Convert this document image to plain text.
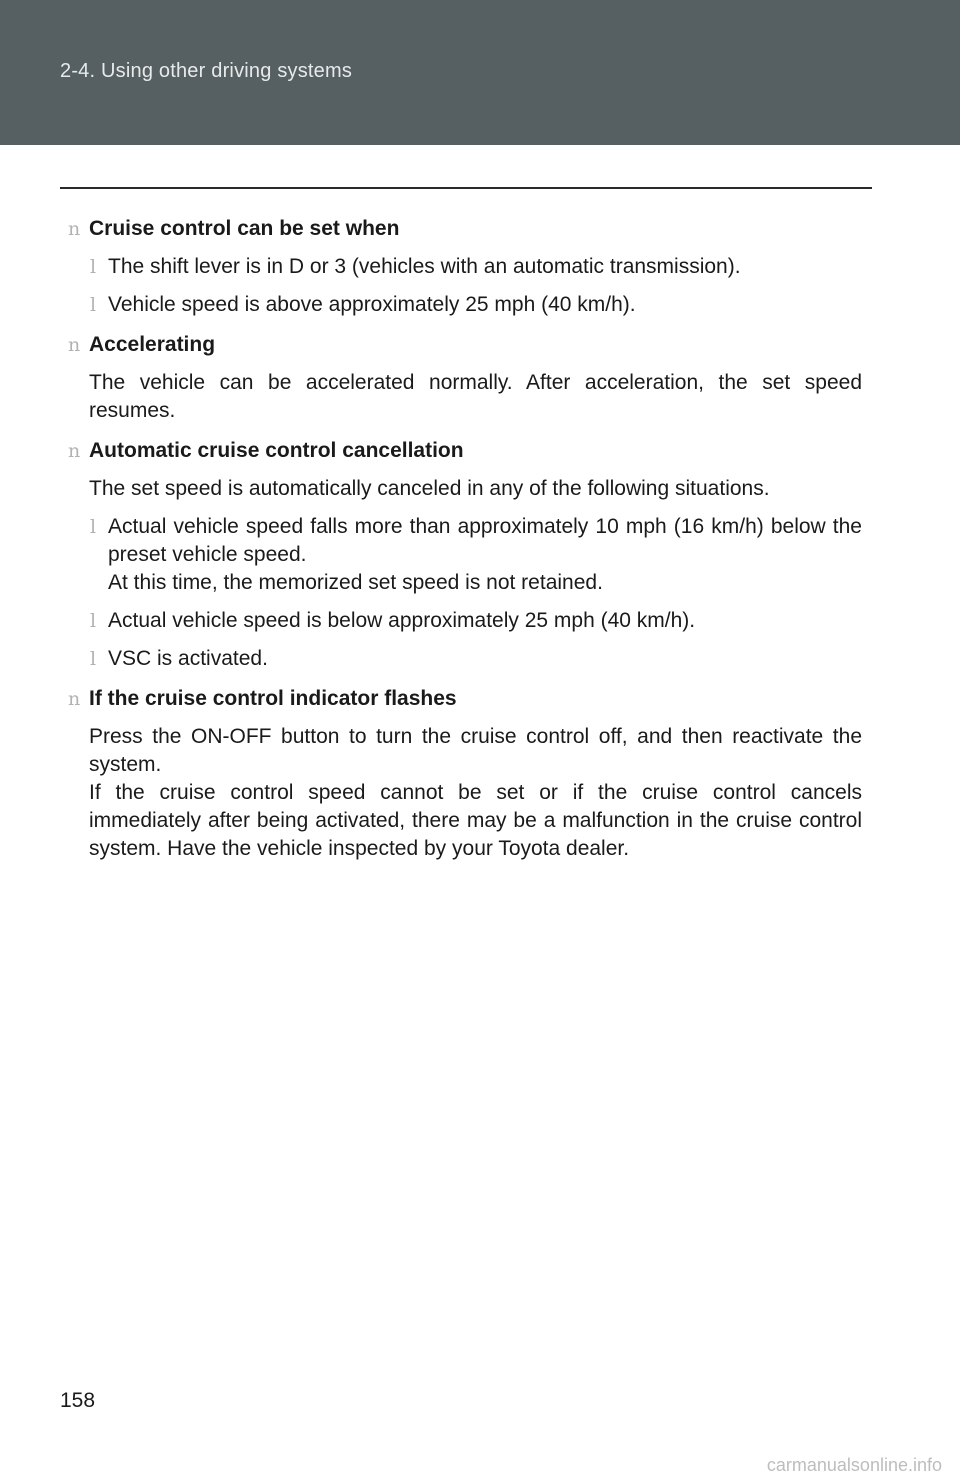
2-4. Using other driving systems
n Cruise control can be set when
l The shift lever is in D or 3 (vehicles with an automatic transmission).
l Vehicle speed is above approximately 25 mph (40 km/h).
n Accelerating
The vehicle can be accelerated normally. After acceleration, the set speed resumes.
n Automatic cruise control cancellation
The set speed is automatically canceled in any of the following situations.
l Actual vehicle speed falls more than approximately 10 mph (16 km/h) below the preset vehicle speed.
At this time, the memorized set speed is not retained.
l Actual vehicle speed is below approximately 25 mph (40 km/h).
l VSC is activated.
n If the cruise control indicator flashes
Press the ON-OFF button to turn the cruise control off, and then reactivate the system.
If the cruise control speed cannot be set or if the cruise control cancels immediately after being activated, there may be a malfunction in the cruise control system. Have the vehicle inspected by your Toyota dealer.
158
carmanualsonline.info
